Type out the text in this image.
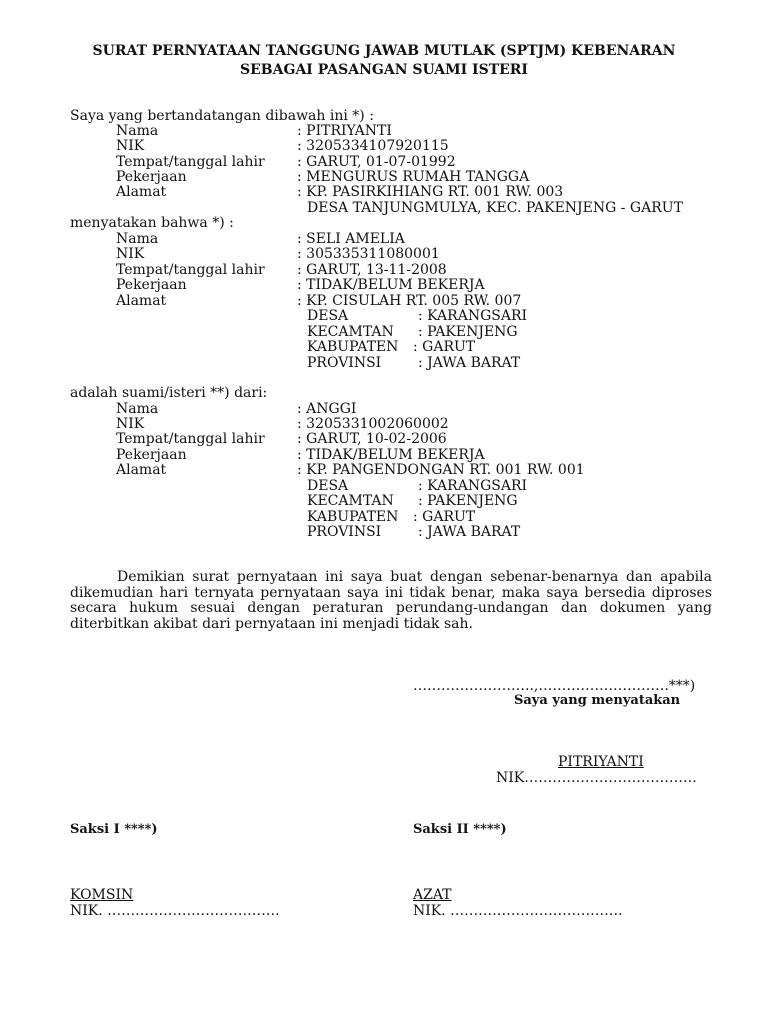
SURAT PERNYATAAN TANGGUNG JAWAB MUTLAK (SPTJM) KEBENARAN
SEBAGAI PASANGAN SUAMI ISTERI
Saya yang bertandatangan dibawah ini *) :
Nama	: PITRIYANTI
NIK	: 3205334107920115
Tempat/tanggal lahir : GARUT, 01-07-01992
Pekerjaan	: MENGURUS RUMAH TANGGA
Alamat	: KP. PASIRKIHIANG RT. 001 RW. 003
DESA TANJUNGMULYA, KEC. PAKENJENG - GARUT
menyatakan bahwa *) :
Nama	: SELI AMELIA
NIK	: 305335311080001
Tempat/tanggal lahir : GARUT, 13-11-2008
Pekerjaan	: TIDAK/BELUM BEKERJA
Alamat	: KP. CISULAH RT. 005 RW. 007
DESA	: KARANGSARI
KECAMTAN : PAKENJENG
KABUPATEN : GARUT
PROVINSI	: JAWA BARAT
adalah suami/isteri **) dari:
Nama	: ANGGI
NIK	: 3205331002060002
Tempat/tanggal lahir : GARUT, 10-02-2006
Pekerjaan	: TIDAK/BELUM BEKERJA
Alamat	: KP. PANGENDONGAN RT. 001 RW. 001
DESA	: KARANGSARI
KECAMTAN : PAKENJENG
KABUPATEN : GARUT
PROVINSI	: JAWA BARAT

Demikian surat pernyataan ini saya buat dengan sebenar-benarnya dan apabila dikemudian hari ternyata pernyataan saya ini tidak benar, maka saya bersedia diproses secara hukum sesuai dengan peraturan perundang-undangan dan dokumen yang diterbitkan akibat dari pernyataan ini menjadi tidak sah.

……………………..,……………………….***)
Saya yang menyatakan
PITRIYANTI
NIK……………………………….
Saksi I ****)	Saksi II ****)
KOMSIN	AZAT
NIK. ……………………………….	NIK. ……………………………….
